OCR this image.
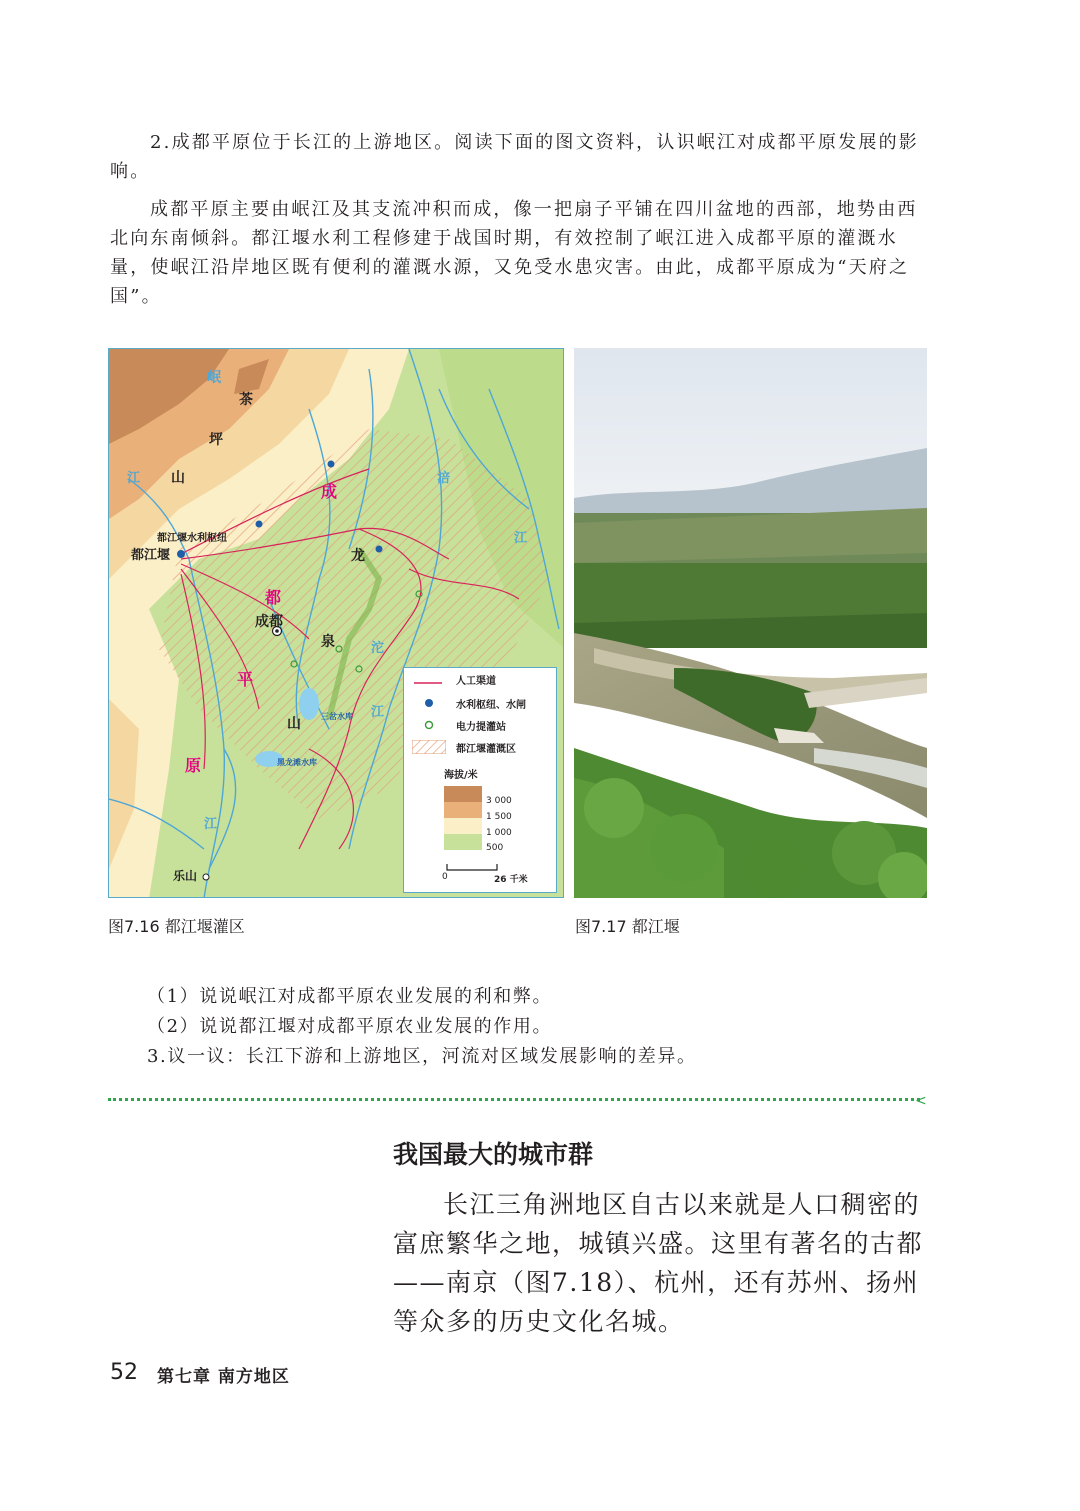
2.成都平原位于长江的上游地区。阅读下面的图文资料，认识岷江对成都平原发展的影响。

成都平原主要由岷江及其支流冲积而成，像一把扇子平铺在四川盆地的西部，地势由西北向东南倾斜。都江堰水利工程修建于战国时期，有效控制了岷江进入成都平原的灌溉水量，使岷江沿岸地区既有便利的灌溉水源，又免受水患灾害。由此，成都平原成为“天府之国”。

岷
茶
坪
山
江	涪
江
沱
江
江
成
都
平
原
龙
泉
山
都江堰水利枢纽
都江堰
成都
乐山
三岔水库
黑龙滩水库
人工渠道
水利枢纽、水闸
电力提灌站
都江堰灌溉区
海拔/米
3 000
1 500
1 000
500
0	26 千米
图7.16 都江堰灌区	图7.17 都江堰
（1）说说岷江对成都平原农业发展的利和弊。
（2）说说都江堰对成都平原农业发展的作用。
3.议一议：长江下游和上游地区，河流对区域发展影响的差异。
<
我国最大的城市群

长江三角洲地区自古以来就是人口稠密的富庶繁华之地，城镇兴盛。这里有著名的古都——南京（图7.18）、杭州，还有苏州、扬州等众多的历史文化名城。

52 第七章 南方地区
